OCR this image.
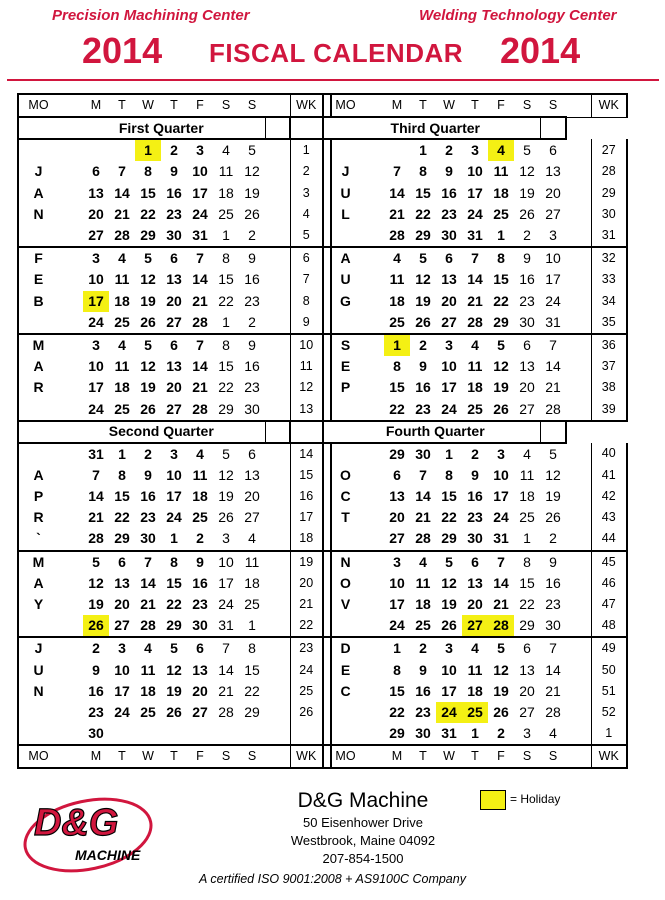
Precision Machining Center	Welding Technology Center
2014 FISCAL CALENDAR 2014
MO		M	T	W	T	F	S	S		WK		MO		M	T	W	T	F	S	S		WK
	First Quarter											Third Quarter										
				1	2	3	4	5		1					1	2	3	4	5	6		27
J		6	7	8	9	10	11	12		2		J		7	8	9	10	11	12	13		28
A		13	14	15	16	17	18	19		3		U		14	15	16	17	18	19	20		29
N		20	21	22	23	24	25	26		4		L		21	22	23	24	25	26	27		30
		27	28	29	30	31	1	2		5				28	29	30	31	1	2	3		31
F		3	4	5	6	7	8	9		6		A		4	5	6	7	8	9	10		32
E		10	11	12	13	14	15	16		7		U		11	12	13	14	15	16	17		33
B		17	18	19	20	21	22	23		8		G		18	19	20	21	22	23	24		34
		24	25	26	27	28	1	2		9				25	26	27	28	29	30	31		35
M		3	4	5	6	7	8	9		10		S		1	2	3	4	5	6	7		36
A		10	11	12	13	14	15	16		11		E		8	9	10	11	12	13	14		37
R		17	18	19	20	21	22	23		12		P		15	16	17	18	19	20	21		38
		24	25	26	27	28	29	30		13				22	23	24	25	26	27	28		39
	Second Quarter											Fourth Quarter										
		31	1	2	3	4	5	6		14				29	30	1	2	3	4	5		40
A		7	8	9	10	11	12	13		15		O		6	7	8	9	10	11	12		41
P		14	15	16	17	18	19	20		16		C		13	14	15	16	17	18	19		42
R		21	22	23	24	25	26	27		17		T		20	21	22	23	24	25	26		43
`		28	29	30	1	2	3	4		18				27	28	29	30	31	1	2		44
M		5	6	7	8	9	10	11		19		N		3	4	5	6	7	8	9		45
A		12	13	14	15	16	17	18		20		O		10	11	12	13	14	15	16		46
Y		19	20	21	22	23	24	25		21		V		17	18	19	20	21	22	23		47
		26	27	28	29	30	31	1		22				24	25	26	27	28	29	30		48
J		2	3	4	5	6	7	8		23		D		1	2	3	4	5	6	7		49
U		9	10	11	12	13	14	15		24		E		8	9	10	11	12	13	14		50
N		16	17	18	19	20	21	22		25		C		15	16	17	18	19	20	21		51
		23	24	25	26	27	28	29		26				22	23	24	25	26	27	28		52
		30												29	30	31	1	2	3	4		1
MO		M	T	W	T	F	S	S		WK		MO		M	T	W	T	F	S	S		WK
D&G
MACHINE
D&G Machine
50 Eisenhower Drive
Westbrook, Maine 04092
207-854-1500
= Holiday
A certified ISO 9001:2008 + AS9100C Company
